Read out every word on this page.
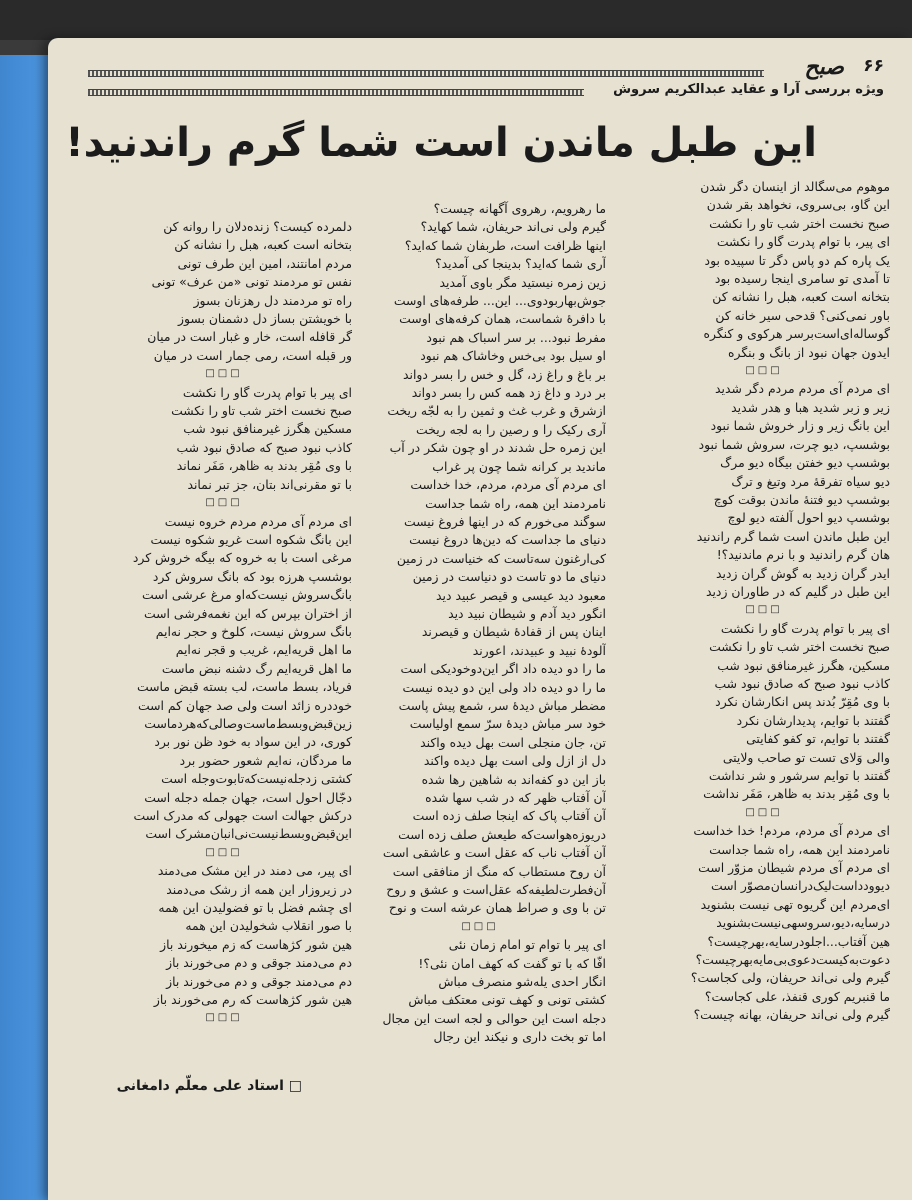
۶۶
صبح
ویژه بررسی آرا و عقاید عبدالکریم سروش
این طبل ماندن است شما گرم راندنید!
موهوم می‌سگالد از اینسان دگر شدن
این گاو، بی‌سروی، نخواهد بقر شدن
صبح نخست اختر شب تاو را نکشت
ای پیر، با توام پدرت گاو را نکشت
یک پاره کم دو پاس دگر تا سپیده بود
تا آمدی تو سامری اینجا رسیده بود
بتخانه است کعبه، هبل را نشانه کن
باور نمی‌کنی؟ قدحی سیر خانه کن
گوساله‌ای‌است‌بر‌سر هرکوی و کنگره
ایدون جهان نبود از بانگ و بنگره
□□□
ای مردم آی مردم مردم دگر شدید
زیر و زبر شدید هبا و هدر شدید
این بانگ زیر و زار خروش شما نبود
بوشسپ، دیو چرت، سروش شما نبود
بوشسپ دیو خفتن بیگاه دیو مرگ
دیو سیاه تفرقهٔ مرد وتیغ و ترگ
بوشسپ دیو فتنهٔ ماندن بوقت کوچ
بوشسپ دیو احول آلفته دیو لوچ
این طبل ماندن است شما گرم راندنید
هان گرم راندنید و با نرم ماندنید؟!
ایدر گران زدید به گوش گران زدید
این طبل در گلیم که در طاوران زدید
□□□
ای پیر با توام پدرت گاو را نکشت
صبح نخست اختر شب تاو را نکشت
مسکین، هگرز غیرمنافق نبود شب
کاذب نبود صبح که صادق نبود شب
با وی مُقِرّ بُدند پس انکارشان نکرد
گفتند با توایم، پدیدارشان نکرد
گفتند با توایم، تو کفو کفایتی
والی وَلای تست تو صاحب ولایتی
گفتند با توایم سرشور و شر نداشت
با وی مُقِر بدند به ظاهر، مَفَر نداشت
□□□
ای مردم آی مردم، مردم! خدا خداست
نامردمند این همه، راه شما جداست
ای مردم آی مردم شیطان مزوّر است
دیوو‌دداست‌لیک‌در‌انسان‌مصوّر است
ای‌مردم این گریوه تهی نیست بشنوید
در‌سایه،‌دیو،‌سروسهی‌نیست‌بشنوید
هین آفتاب...اجلو‌در‌سایه،‌بهرچیست؟
دعوت‌به‌کیست‌دعوی‌بی‌مایه‌بهرچیست؟
گیرم ولی نی‌اند حریفان، ولی کجاست؟
ما قنبریم کوری قنفذ، علی کجاست؟
گیرم ولی نی‌اند حریفان، بهانه چیست؟
ما رهرویم، رهروی آگهانه چیست؟
گیرم ولی نی‌اند حریفان، شما کهاید؟
اینها ظرافت است، طربفان شما که‌اید؟
آری شما که‌اید؟ بدینجا کی آمدید؟
زین زمره نیستید مگر باوی آمدید
جوش‌بهار‌بودوی... این... طرفه‌های اوست
با دافرهٔ شماست، همان کرفه‌های اوست
مفرط نبود... بر سر اسباک هم نبود
او سیل بود بی‌خس وخاشاک هم نبود
بر باغ و راغ زد، گل و خس را بسر دواند
بر درد و داغ زد همه کس را بسر دواند
از‌شرق و غرب غث و ثمین را به لجّه ریخت
آری رکیک را و رصین را به لجه ریخت
این زمره حل شدند در او چون شکر در آب
ماندید بر کرانه شما چون پر غراب
ای مردم آی مردم، مردم، خدا خداست
نامردمند این همه، راه شما جداست
سوگند می‌خورم که در اینها فروغ نیست
دنیای ما جداست که دین‌ها دروغ نیست
کی‌ارغنون سه‌تاست که خنیاست در زمین
دنیای ما دو تاست دو دنیاست در زمین
معبود دید عیسی و قیصر عبید دید
انگور دید آدم و شیطان نبید دید
اینان پس از قفادهٔ شیطان و قیصرند
آلودهٔ نبید و عبیدند، اعورند
ما را دو دیده داد اگر این‌دو‌خود‌یکی است
ما را دو دیده داد ولی این دو دیده نیست
مضطر مباش دیدهٔ سر، شمع پیش پاست
خود سر مباش دیدهٔ سرّ سمع اولیاست
تن، جان منجلی است بهل دیده واکند
دل از ازل ولی است بهل دیده واکند
باز این دو کفه‌اند به شاهین رها شده
آن آفتاب ظهر که در شب سها شده
آن آفتاب پاک که اینجا صلف زده است
دریوزه‌هو‌است‌که طیعش صلف زده است
آن آفتاب ناب که عقل است و عاشقی است
آن روح مستطاب که منگ از منافقی است
آن‌فطرت‌لطیفه‌که عقل‌است و عشق و روح
تن با وی و صراط همان عرشه است و نوح
□□□
ای پیر با توام تو امام زمان نئی
افّا که با تو گفت که کهف امان نئی؟!
انگار احدی یله‌شو منصرف مباش
کشتی تونی و کهف تونی معتکف مباش
دجله است این حوالی و لجه است این مجال
اما تو بخت داری و نیکند این رجال
دلمرده کیست؟ زنده‌دلان را روانه کن
بتخانه است کعبه، هبل را نشانه کن
مردم امانتند، امین این طرف تونی
نفس تو مردمند تونی «من عرف» تونی
راه تو مردمند دل رهزنان بسوز
با خویشتن بساز دل دشمنان بسوز
گر قافله است، خار و غبار است در میان
ور قبله است، رمی جمار است در میان
□□□
ای پیر با توام پدرت گاو را نکشت
صبح نخست اختر شب تاو را نکشت
مسکین هگرز غیرمنافق نبود شب
کاذب نبود صبح که صادق نبود شب
با وی مُقِر بدند به ظاهر، مَفَر نماند
با تو مقرنی‌اند بتان، جز تبر نماند
□□□
ای مردم آی مردم مردم خروه نیست
این بانگ شکوه است غریو شکوه نیست
مرغی است با به خروه که بیگه خروش کرد
بوشسپ هرزه بود که بانگ سروش کرد
بانگ‌سروش نیست‌که‌او مرغ عرشی است
از اختران بپرس که این نغمه‌فرشی است
بانگ سروش نیست، کلوخ و حجر نه‌ایم
ما اهل قریه‌ایم، غریب و قجر نه‌ایم
ما اهل قریه‌ایم رگ دشنه نبض ماست
فریاد، بسط ماست، لب بسته قبض ماست
خوددره زائد است ولی صد جهان کم است
زین‌قبض‌وبسط‌ماست‌وصالی‌که‌هردماست
کوری، در این سواد به خود ظن نور برد
ما مردگان، نه‌ایم شعور حضور برد
کشتی زدجله‌نیست‌که‌تابوت‌وجله است
دجّال احول است، جهان جمله دجله است
درکش جهالت است جهولی که مدرک است
این‌قبض‌و‌بسط‌نیست‌نی‌انبان‌مشرک است
□□□
ای پیر، می دمند در این مشک می‌دمند
در زیروزار این همه از رشک می‌دمند
ای چشم فضل با تو فضولیدن این همه
با صور انقلاب شخولیدن این همه
هین شور کژ‌هاست که زم میخورند باز
دم می‌دمند جوقی و دم می‌خورند باز
دم می‌دمند جوقی و دم می‌خورند باز
هین شور کژ‌هاست که رم می‌خورند باز
□□□
□ استاد علی معلّم دامغانی
